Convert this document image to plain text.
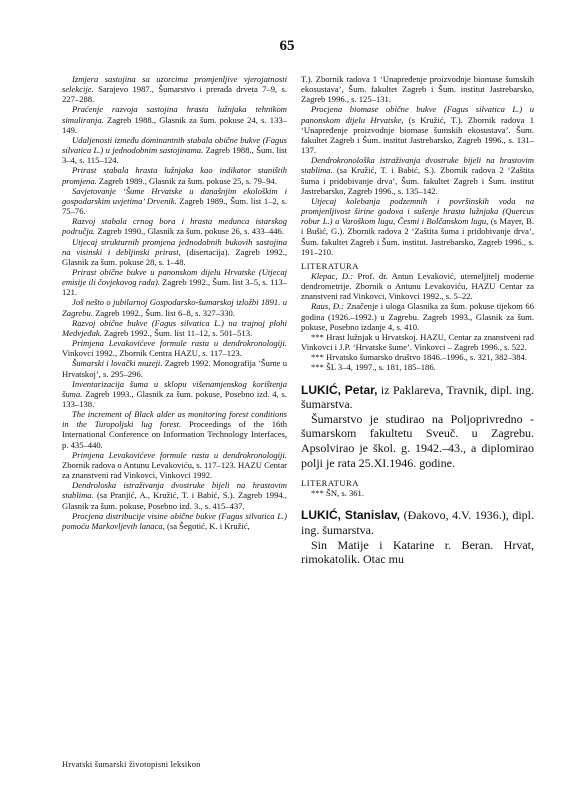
65

Izmjera sastojina sa uzorcima promjenljive vjerojatnosti selekcije. Sarajevo 1987., Šumarstvo i prerada drveta 7–9, s. 227–288.

Praćenje razvoja sastojina hrasta lužnjaka tehnikom simuliranja. Zagreb 1988., Glasnik za šum. pokuse 24, s. 133–149.

Udaljenosti između dominantnih stabala obične bukve (Fagus silvatica L.) u jednodobnim sastojinama. Zagreb 1988., Šum. list 3–4, s. 115–124.

Prirast stabala hrasta lužnjaka kao indikator staništih promjena. Zagreb 1989., Glasnik za šum. pokuse 25, s. 79–94.

Savjetovanje ‘Šume Hrvatske u današnjim ekološkim i gospodarskim uvjetima’ Drvenik. Zagreb 1989., Šum. list 1–2, s. 75–76.

Razvoj stabala crnog bora i hrasta medunca istarskog područja. Zagreb 1990., Glasnik za šum. pokuse 26, s. 433–446.

Utjecaj strukturnih promjena jednodobnih bukovih sastojina na visinski i debljinski prirast, (disertacija). Zagreb 1992., Glasnik za šum. pokuse 28, s. 1–48.

Prirast obične bukve u panonskom dijelu Hrvatske (Utjecaj emisije ili čovjekovog rada). Zagreb 1992., Šum. list 3–5, s. 113–121.

Još nešto o jubilarnoj Gospodarsko-šumarskoj izložbi 1891. u Zagrebu. Zagreb 1992., Šum. list 6–8, s. 327–330.

Razvoj obične bukve (Fagus silvatica L.) na trajnoj plohi Medvjeđak. Zagreb 1992., Šum. list 11–12, s. 501–513.

Primjena Levakovićeve formule rasta u dendrokronologiji. Vinkovci 1992., Zbornik Centra HAZU, s. 117–123.

Šumarski i lovački muzeji. Zagreb 1992. Monografija ‘Šume u Hrvatskoj’, s. 295–296.

Inventarizacija šuma u sklopu višenamjenskog korištenja šuma. Zagreb 1993., Glasnik za šum. pokuse, Posebno izd. 4, s. 133–138.

The increment of Black alder as monitoring forest conditions in the Turopoljski lug forest. Proceedings of the 16th International Conference on Information Technology Interfaces, p. 435–440.

Primjena Levakovićeve formule rasta u dendrokronologiji. Zbornik radova o Antunu Levakoviću, s. 117–123. HAZU Centar za znanstveni rad Vinkovci, Vinkovci 1992.

Dendroloska istraživanja dvostruke bijeli na hrastovim stablima. (sa Pranjić, A., Kružić, T. i Babić, S.). Zagreb 1994., Glasnik za šum. pokuse, Posebno izd. 3., s. 415–437.

Procjena distribucije visine obične bukve (Fagus silvatica L.) pomoću Markovljevih lanaca, (sa Šegotić, K. i Kružić,

T.). Zbornik radova 1 ‘Unapređenje proizvodnje biomase šumskih ekosustava’, Šum. fakultet Zagreb i Šum. institut Jastrebarsko, Zagreb 1996., s. 125–131.

Procjena biomase obične bukve (Fagus silvatica L.) u panonskom dijelu Hrvatske, (s Kružić, T.). Zbornik radova 1 ‘Unapređenje proizvodnje biomase šumskih ekosustava’. Šum. fakultet Zagreb i Šum. institut Jastrebarsko, Zagreb 1996., s. 131–137.

Dendrokronološka istraživanja dvostruke bijeli na hrastovim stablima. (sa Kružić, T. i Babić, S.). Zbornik radova 2 ‘Zaštita šuma i pridobivanje drva’, Šum. fakultet Zagreb i Šum. institut Jastrebarsko, Zagreb 1996., s. 135–142.

Utjecaj kolebanja podzemnih i površinskih voda na promjenljivost širine godova i sušenje hrasta lužnjaka (Quercus robur L.) u Varoškom lugu, Česmi i Bolčanskom lugu, (s Mayer, B. i Bušić, G.). Zbornik radova 2 ‘Zaštita šuma i pridobivanje drva’, Šum. fakultet Zagreb i Šum. institut. Jastrebarsko, Zagreb 1996., s. 191–210.

LITERATURA

Klepac, D.: Prof. dr. Antun Levaković, utemeljitelj moderne dendrometrije. Zbornik o Antunu Levakoviću, HAZU Centar za znanstveni rad Vinkovci, Vinkovci 1992., s. 5–22.

Raus, Đ.: Značenje i uloga Glasnika za šum. pokuse tijekom 66 godina (1926.–1992.) u Zagrebu. Zagreb 1993., Glasnik za šum. pokuse, Posebno izdanje 4, s. 410.

*** Hrast lužnjak u Hrvatskoj. HAZU, Centar za znanstveni rad Vinkovci i J.P. ‘Hrvatske šume’. Vinkovci – Zagreb 1996., s. 522.

*** Hrvatsko šumarsko društvo 1846.–1996., s. 321, 382–384.

*** ŠL 3–4, 1997., s. 181, 185–186.

LUKIĆ, Petar, iz Paklareva, Travnik, dipl. ing. šumarstva.
Šumarstvo je studirao na Poljoprivredno - šumarskom fakultetu Sveuč. u Zagrebu. Apsolvirao je škol. g. 1942.–43., a diplomirao polji je rata 25.XI.1946. godine.

LITERATURA

*** ŠN, s. 361.

LUKIĆ, Stanislav, (Đakovo, 4.V. 1936.), dipl. ing. šumarstva.
Sin Matije i Katarine r. Beran. Hrvat, rimokatolik. Otac mu
Hrvatski šumarski životopisni leksikon
